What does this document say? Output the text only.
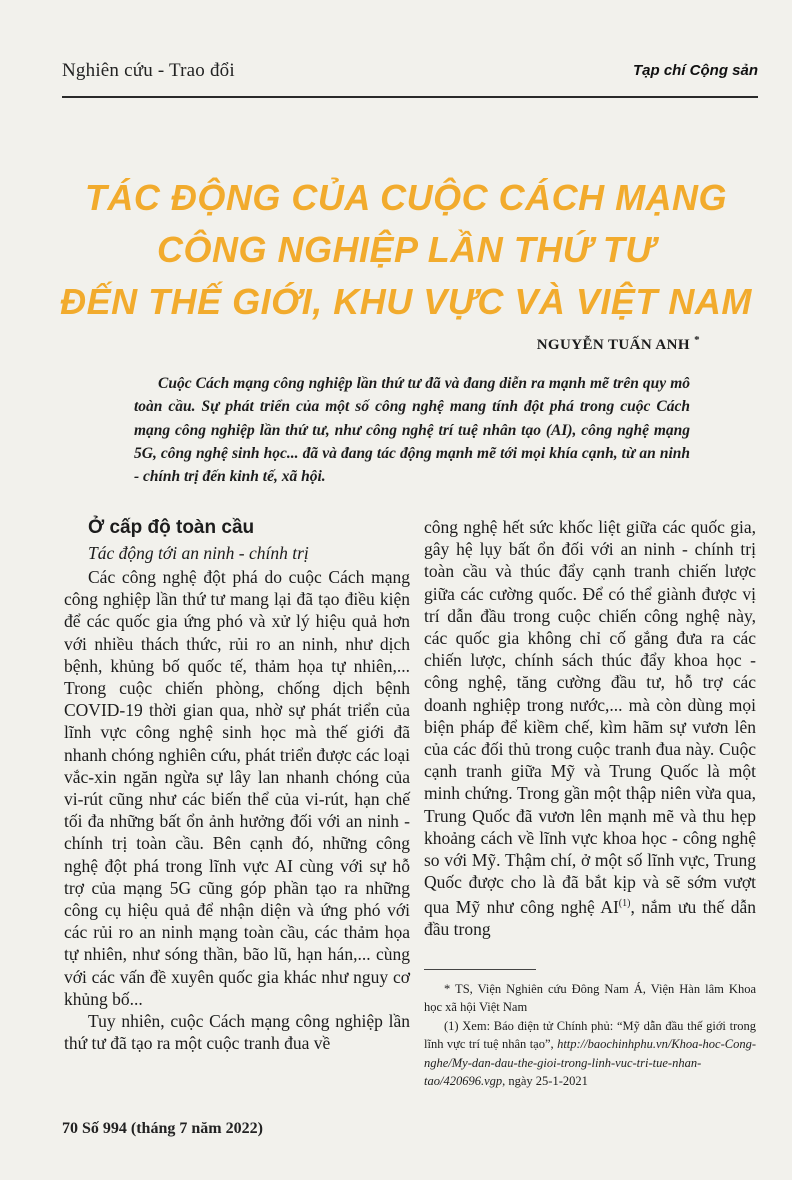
Nghiên cứu - Trao đổi	Tạp chí Cộng sản
TÁC ĐỘNG CỦA CUỘC CÁCH MẠNG
CÔNG NGHIỆP LẦN THỨ TƯ
ĐẾN THẾ GIỚI, KHU VỰC VÀ VIỆT NAM
NGUYỄN TUẤN ANH *
Cuộc Cách mạng công nghiệp lần thứ tư đã và đang diễn ra mạnh mẽ trên quy mô toàn cầu. Sự phát triển của một số công nghệ mang tính đột phá trong cuộc Cách mạng công nghiệp lần thứ tư, như công nghệ trí tuệ nhân tạo (AI), công nghệ mạng 5G, công nghệ sinh học... đã và đang tác động mạnh mẽ tới mọi khía cạnh, từ an ninh - chính trị đến kinh tế, xã hội.
Ở cấp độ toàn cầu
Tác động tới an ninh - chính trị

Các công nghệ đột phá do cuộc Cách mạng công nghiệp lần thứ tư mang lại đã tạo điều kiện để các quốc gia ứng phó và xử lý hiệu quả hơn với nhiều thách thức, rủi ro an ninh, như dịch bệnh, khủng bố quốc tế, thảm họa tự nhiên,... Trong cuộc chiến phòng, chống dịch bệnh COVID-19 thời gian qua, nhờ sự phát triển của lĩnh vực công nghệ sinh học mà thế giới đã nhanh chóng nghiên cứu, phát triển được các loại vắc-xin ngăn ngừa sự lây lan nhanh chóng của vi-rút cũng như các biến thể của vi-rút, hạn chế tối đa những bất ổn ảnh hưởng đối với an ninh - chính trị toàn cầu. Bên cạnh đó, những công nghệ đột phá trong lĩnh vực AI cùng với sự hỗ trợ của mạng 5G cũng góp phần tạo ra những công cụ hiệu quả để nhận diện và ứng phó với các rủi ro an ninh mạng toàn cầu, các thảm họa tự nhiên, như sóng thần, bão lũ, hạn hán,... cùng với các vấn đề xuyên quốc gia khác như nguy cơ khủng bố...

Tuy nhiên, cuộc Cách mạng công nghiệp lần thứ tư đã tạo ra một cuộc tranh đua về

công nghệ hết sức khốc liệt giữa các quốc gia, gây hệ lụy bất ổn đối với an ninh - chính trị toàn cầu và thúc đẩy cạnh tranh chiến lược giữa các cường quốc. Để có thể giành được vị trí dẫn đầu trong cuộc chiến công nghệ này, các quốc gia không chỉ cố gắng đưa ra các chiến lược, chính sách thúc đẩy khoa học - công nghệ, tăng cường đầu tư, hỗ trợ các doanh nghiệp trong nước,... mà còn dùng mọi biện pháp để kiềm chế, kìm hãm sự vươn lên của các đối thủ trong cuộc tranh đua này. Cuộc cạnh tranh giữa Mỹ và Trung Quốc là một minh chứng. Trong gần một thập niên vừa qua, Trung Quốc đã vươn lên mạnh mẽ và thu hẹp khoảng cách về lĩnh vực khoa học - công nghệ so với Mỹ. Thậm chí, ở một số lĩnh vực, Trung Quốc được cho là đã bắt kịp và sẽ sớm vượt qua Mỹ như công nghệ AI$^{(1)}$, nắm ưu thế dẫn đầu trong

* TS, Viện Nghiên cứu Đông Nam Á, Viện Hàn lâm Khoa học xã hội Việt Nam

(1) Xem: Báo điện tử Chính phủ: “Mỹ dẫn đầu thế giới trong lĩnh vực trí tuệ nhân tạo”, http://baochinhphu.vn/Khoa-hoc-Cong-nghe/My-dan-dau-the-gioi-trong-linh-vuc-tri-tue-nhan-tao/420696.vgp, ngày 25-1-2021

70 Số 994 (tháng 7 năm 2022)
